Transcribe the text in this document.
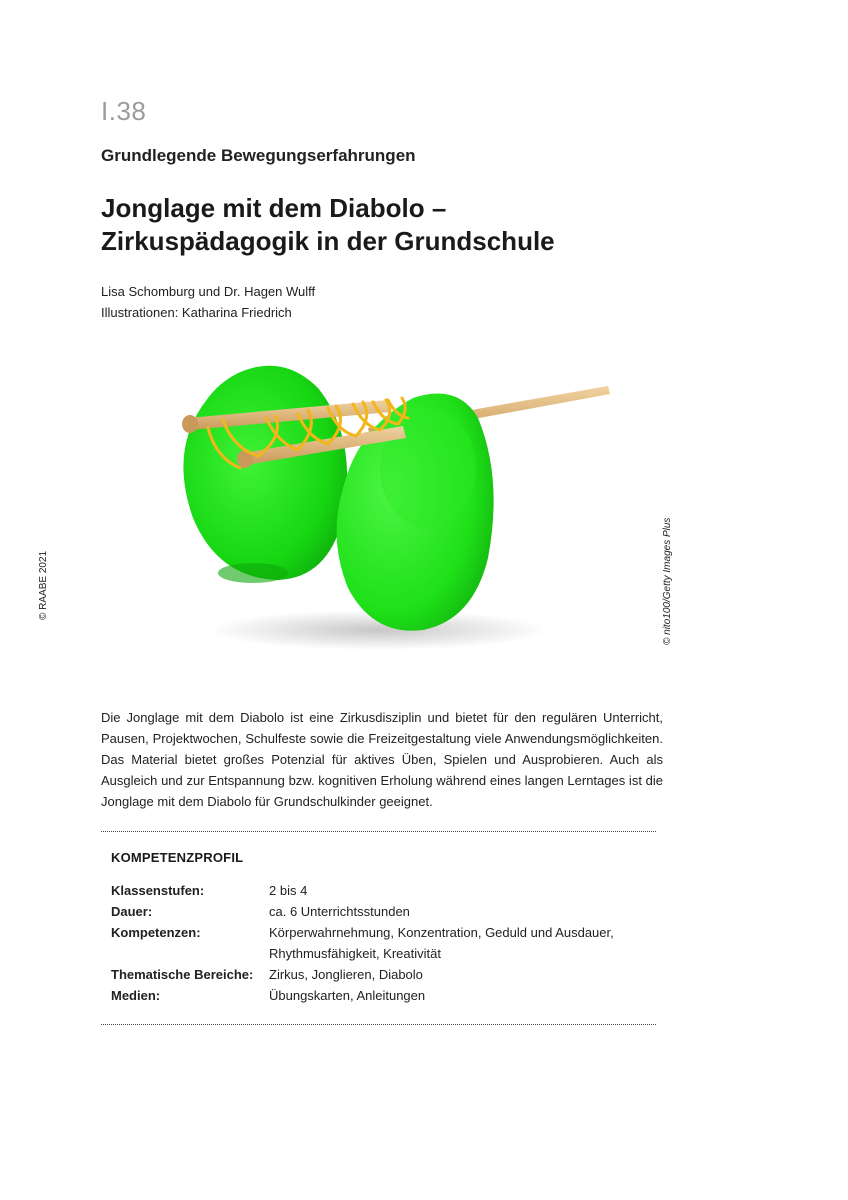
I.38
Grundlegende Bewegungserfahrungen
Jonglage mit dem Diabolo –
Zirkuspädagogik in der Grundschule
Lisa Schomburg und Dr. Hagen Wulff
Illustrationen: Katharina Friedrich
© RAABE 2021	© nito100/Getty Images Plus
Die Jonglage mit dem Diabolo ist eine Zirkusdisziplin und bietet für den regulären Unterricht, Pausen, Projektwochen, Schulfeste sowie die Freizeitgestaltung viele Anwendungsmöglichkeiten. Das Material bietet großes Potenzial für aktives Üben, Spielen und Ausprobieren. Auch als Ausgleich und zur Entspannung bzw. kognitiven Erholung während eines langen Lerntages ist die Jonglage mit dem Diabolo für Grundschulkinder geeignet.
KOMPETENZPROFIL
Klassenstufen:	2 bis 4
Dauer:	ca. 6 Unterrichtsstunden
Kompetenzen:	Körperwahrnehmung, Konzentration, Geduld und Ausdauer, Rhythmusfähigkeit, Kreativität
Thematische Bereiche:	Zirkus, Jonglieren, Diabolo
Medien:	Übungskarten, Anleitungen
